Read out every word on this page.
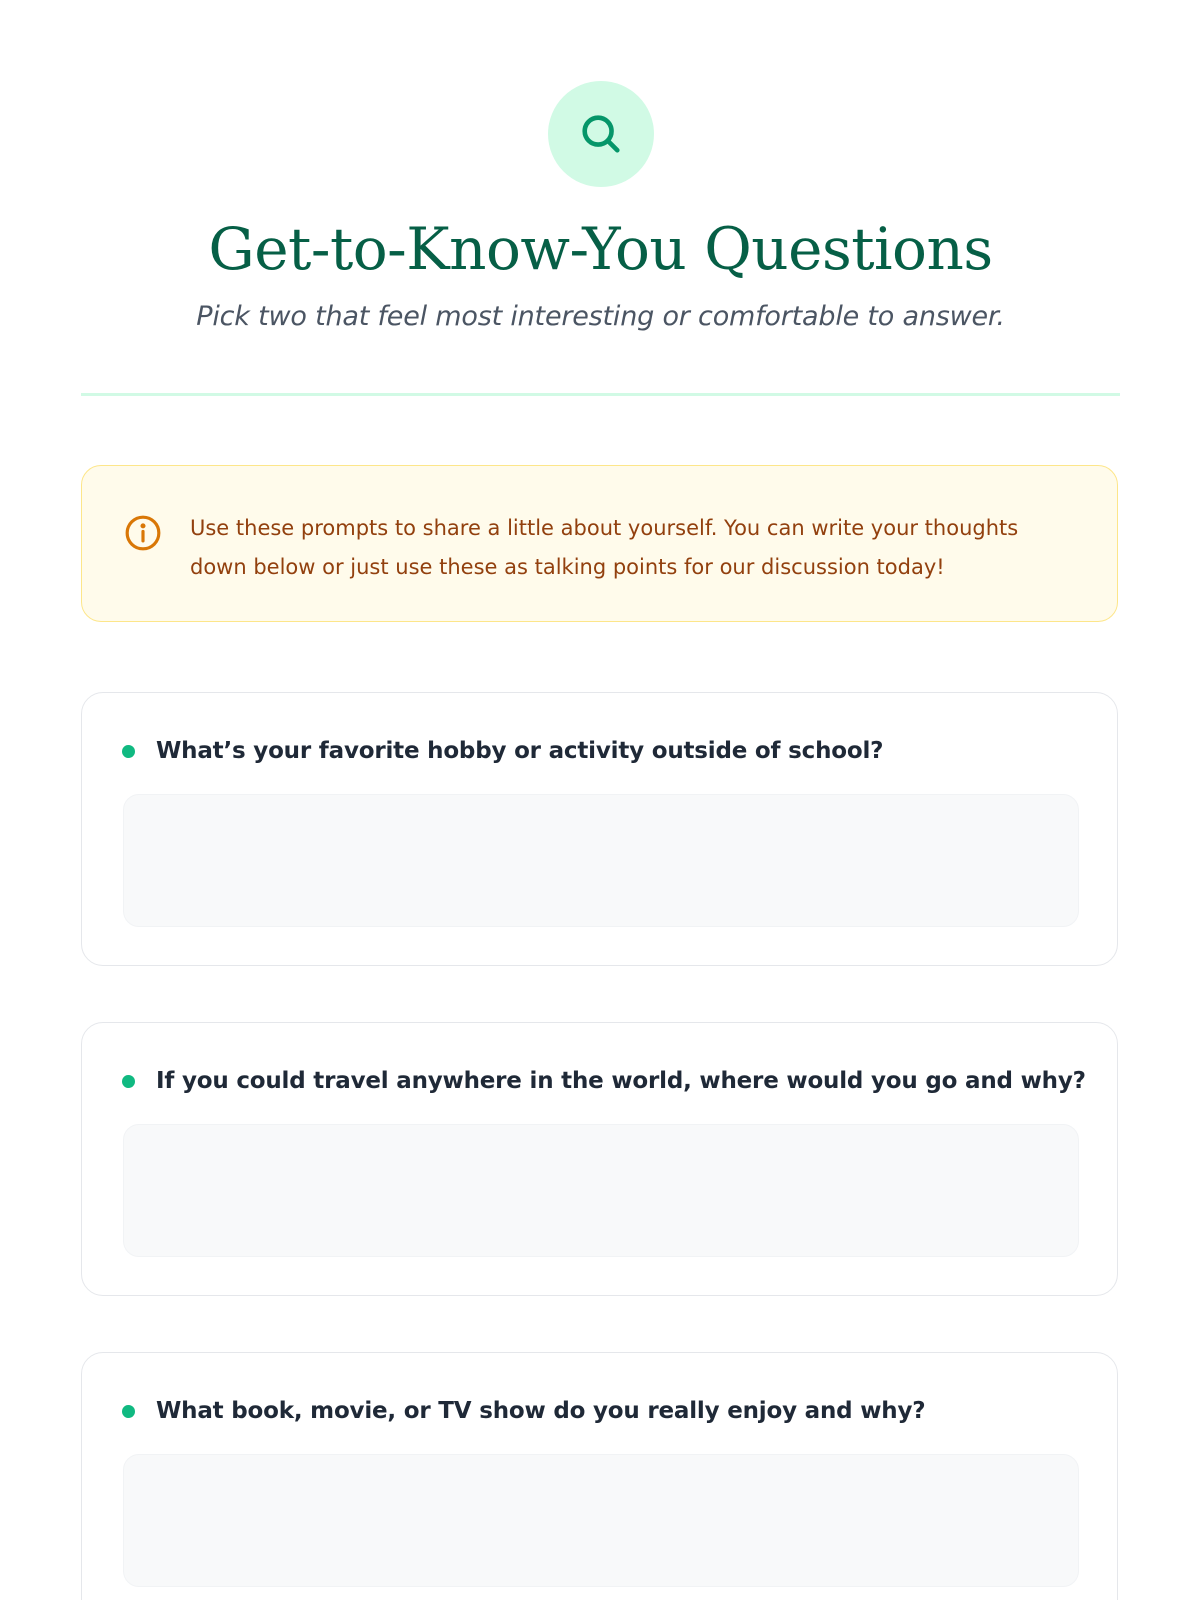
Get-to-Know-You Questions

Pick two that feel most interesting or comfortable to answer.

Use these prompts to share a little about yourself. You can write your thoughts down below or just use these as talking points for our discussion today!

What’s your favorite hobby or activity outside of school?
If you could travel anywhere in the world, where would you go and why?
What book, movie, or TV show do you really enjoy and why?
